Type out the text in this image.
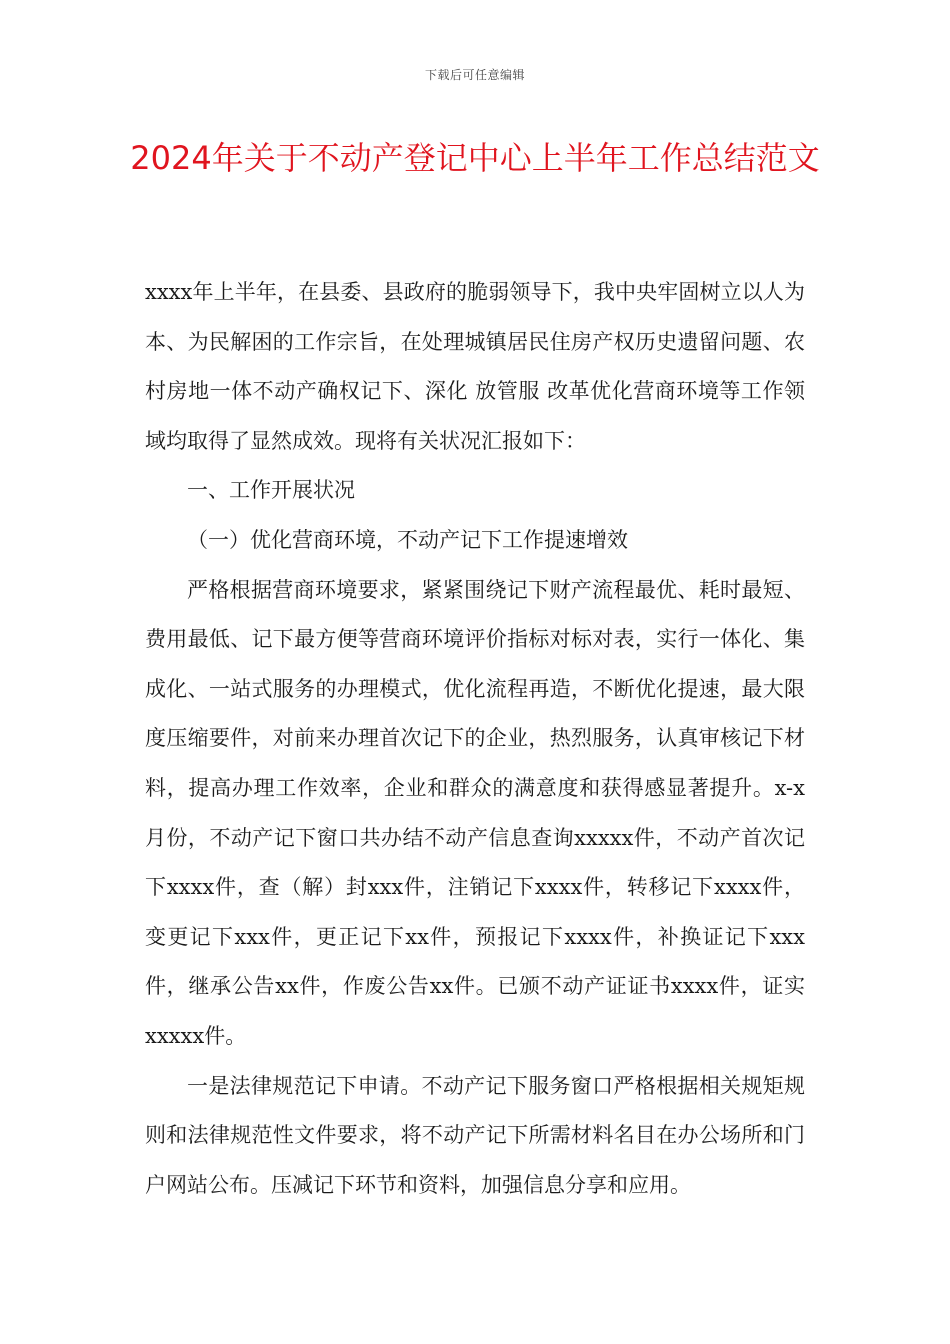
下载后可任意编辑
2024年关于不动产登记中心上半年工作总结范文

xxxx年上半年，在县委、县政府的脆弱领导下，我中央牢固树立以人为本、为民解困的工作宗旨，在处理城镇居民住房产权历史遗留问题、农村房地一体不动产确权记下、深化 放管服 改革优化营商环境等工作领域均取得了显然成效。现将有关状况汇报如下：

一、工作开展状况

（一）优化营商环境，不动产记下工作提速增效

严格根据营商环境要求，紧紧围绕记下财产流程最优、耗时最短、费用最低、记下最方便等营商环境评价指标对标对表，实行一体化、集成化、一站式服务的办理模式，优化流程再造，不断优化提速，最大限度压缩要件，对前来办理首次记下的企业，热烈服务，认真审核记下材料，提高办理工作效率，企业和群众的满意度和获得感显著提升。x-x月份，不动产记下窗口共办结不动产信息查询xxxxx件，不动产首次记下xxxx件，查（解）封xxx件，注销记下xxxx件，转移记下xxxx件，变更记下xxx件，更正记下xx件，预报记下xxxx件，补换证记下xxx件，继承公告xx件，作废公告xx件。已颁不动产证证书xxxx件，证实xxxxx件。

一是法律规范记下申请。不动产记下服务窗口严格根据相关规矩规则和法律规范性文件要求，将不动产记下所需材料名目在办公场所和门户网站公布。压减记下环节和资料，加强信息分享和应用。
